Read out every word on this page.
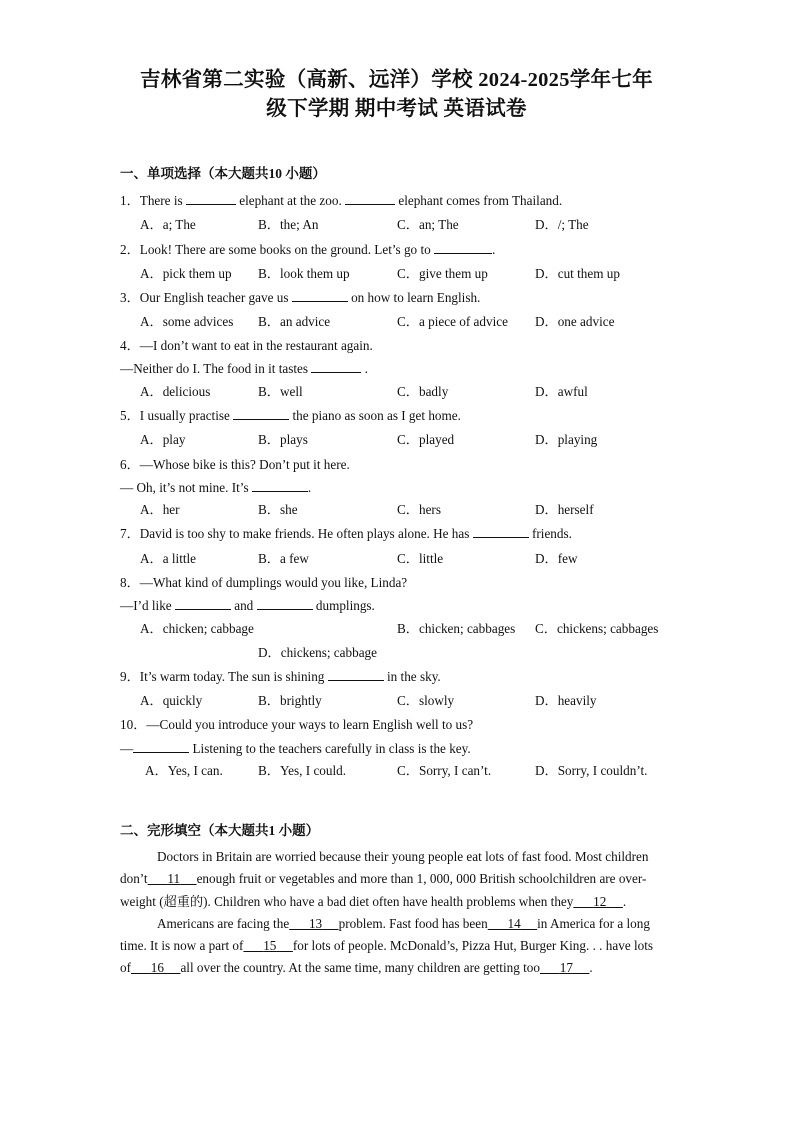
吉林省第二实验（高新、远洋）学校 2024-2025学年七年
级下学期 期中考试 英语试卷
一、单项选择（本大题共10 小题）
1．There is	elephant at the zoo.	elephant comes from Thailand.
A．a; The	B．the; An	C．an; The	D．/; The
2．Look! There are some books on the ground. Let’s go to	.
A．pick them up B．look them up	C．give them up	D．cut them up
3．Our English teacher gave us	on how to learn English.
A．some advices B．an advice	C．a piece of advice D．one advice
4．—I don’t want to eat in the restaurant again.
—Neither do I. The food in it tastes	.
A．delicious	B．well	C．badly	D．awful
5．I usually practise	the piano as soon as I get home.
A．play	B．plays	C．played	D．playing
6．—Whose bike is this? Don’t put it here.
— Oh, it’s not mine. It’s	.
A．her	B．she	C．hers	D．herself
7．David is too shy to make friends. He often plays alone. He has	friends.
A．a little	B．a few	C．little	D．few
8．—What kind of dumplings would you like, Linda?
—I’d like	and	dumplings.
A．chicken; cabbage	B．chicken; cabbages C．chickens; cabbages
D．chickens; cabbage
9．It’s warm today. The sun is shining	in the sky.
A．quickly	B．brightly	C．slowly	D．heavily
10．—Could you introduce your ways to learn English well to us?
—	Listening to the teachers carefully in class is the key.
A．Yes, I can.	B．Yes, I could.	C．Sorry, I can’t.	D．Sorry, I couldn’t.
二、完形填空（本大题共1 小题）

Doctors in Britain are worried because their young people eat lots of fast food. Most children don’t 11 enough fruit or vegetables and more than 1, 000, 000 British schoolchildren are over-weight (超重的). Children who have a bad diet often have health problems when they 12 .

Americans are facing the 13 problem. Fast food has been 14 in America for a long time. It is now a part of 15 for lots of people. McDonald’s, Pizza Hut, Burger King. . . have lots of 16 all over the country. At the same time, many children are getting too 17 .
